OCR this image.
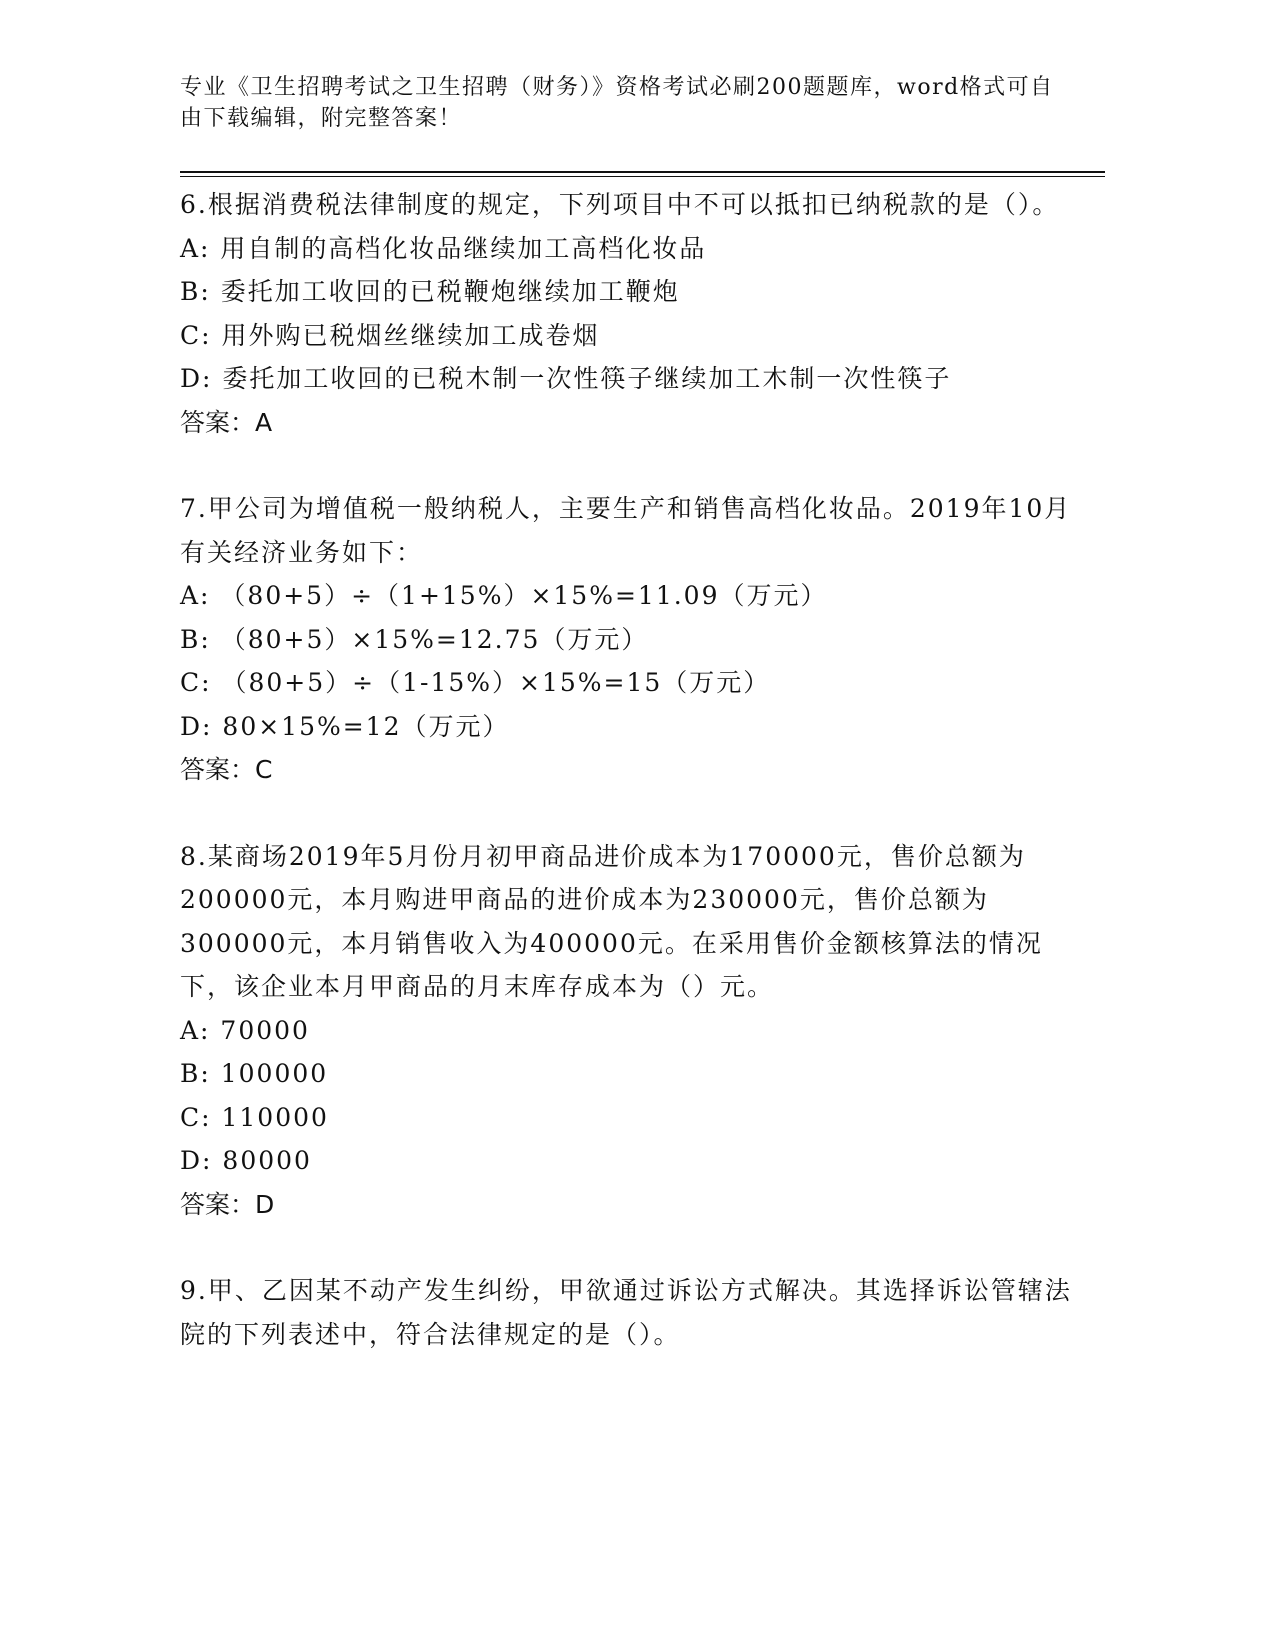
专业《卫生招聘考试之卫生招聘（财务）》资格考试必刷200题题库，word格式可自由下载编辑，附完整答案！

6.根据消费税法律制度的规定，下列项目中不可以抵扣已纳税款的是（）。

A: 用自制的高档化妆品继续加工高档化妆品

B: 委托加工收回的已税鞭炮继续加工鞭炮

C: 用外购已税烟丝继续加工成卷烟

D: 委托加工收回的已税木制一次性筷子继续加工木制一次性筷子

答案：A

7.甲公司为增值税一般纳税人，主要生产和销售高档化妆品。2019年10月有关经济业务如下：

A: （80+5）÷（1+15%）×15%=11.09（万元）

B: （80+5）×15%=12.75（万元）

C: （80+5）÷（1-15%）×15%=15（万元）

D: 80×15%=12（万元）

答案：C

8.某商场2019年5月份月初甲商品进价成本为170000元，售价总额为200000元，本月购进甲商品的进价成本为230000元，售价总额为300000元，本月销售收入为400000元。在采用售价金额核算法的情况下，该企业本月甲商品的月末库存成本为（）元。

A: 70000

B: 100000

C: 110000

D: 80000

答案：D

9.甲、乙因某不动产发生纠纷，甲欲通过诉讼方式解决。其选择诉讼管辖法院的下列表述中，符合法律规定的是（）。
